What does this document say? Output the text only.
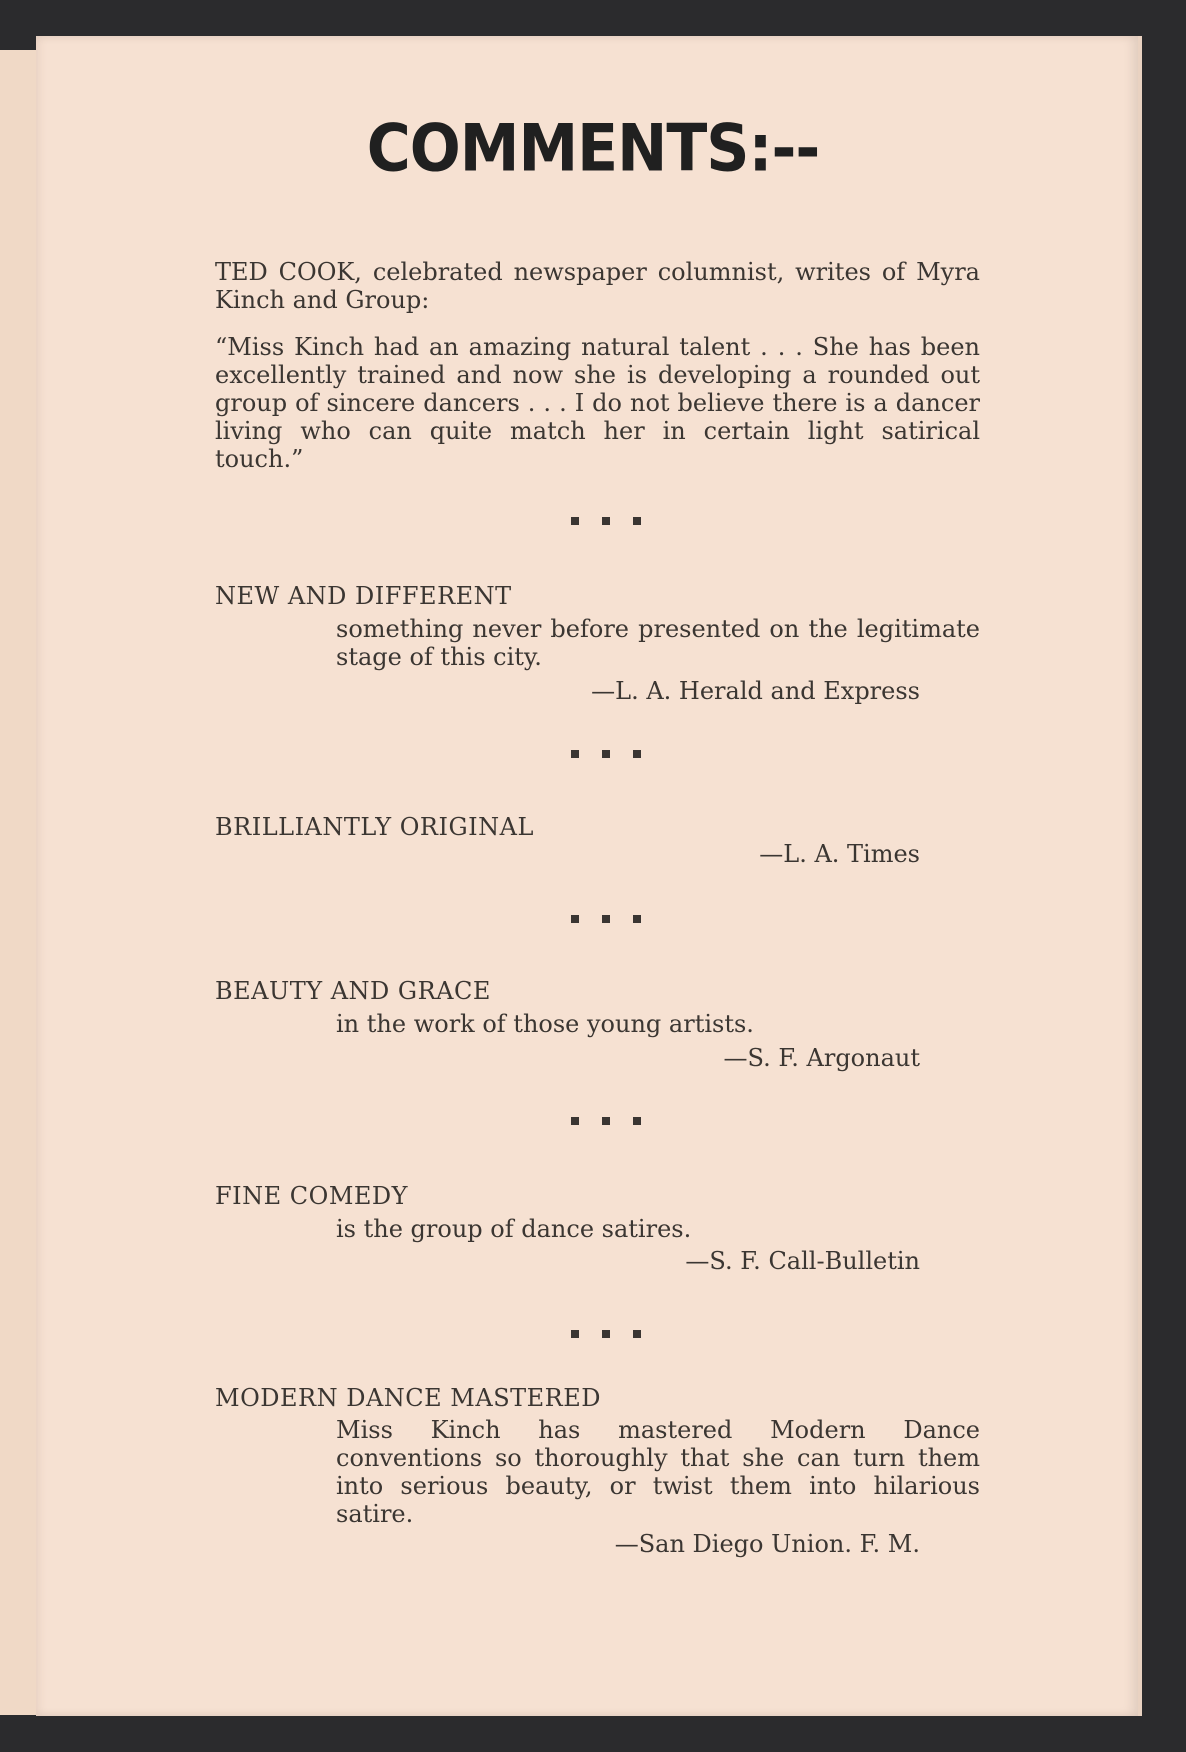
COMMENTS:--

TED COOK, celebrated newspaper columnist, writes of Myra Kinch and Group:

“Miss Kinch had an amazing natural talent . . . She has been excellently trained and now she is developing a rounded out group of sincere dancers . . . I do not believe there is a dancer living who can quite match her in certain light satirical touch.”

NEW AND DIFFERENT

something never before presented on the legitimate stage of this city.

—L. A. Herald and Express

BRILLIANTLY ORIGINAL

—L. A. Times

BEAUTY AND GRACE

in the work of those young artists.

—S. F. Argonaut

FINE COMEDY

is the group of dance satires.

—S. F. Call-Bulletin

MODERN DANCE MASTERED

Miss Kinch has mastered Modern Dance conventions so thoroughly that she can turn them into serious beauty, or twist them into hilarious satire.

—San Diego Union. F. M.
